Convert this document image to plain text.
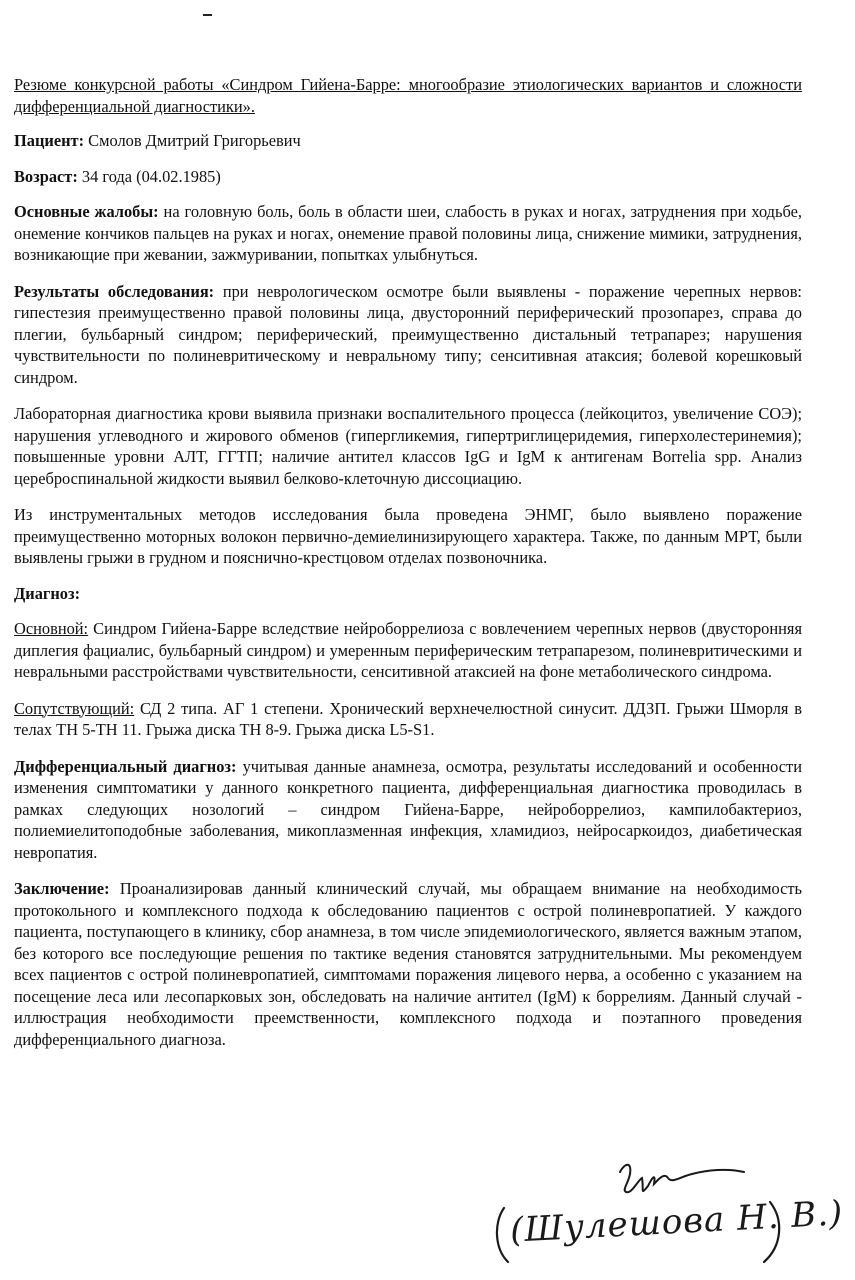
Резюме конкурсной работы «Синдром Гийена-Барре: многообразие этиологических вариантов и сложности дифференциальной диагностики».

Пациент: Смолов Дмитрий Григорьевич

Возраст: 34 года (04.02.1985)

Основные жалобы: на головную боль, боль в области шеи, слабость в руках и ногах, затруднения при ходьбе, онемение кончиков пальцев на руках и ногах, онемение правой половины лица, снижение мимики, затруднения, возникающие при жевании, зажмуривании, попытках улыбнуться.

Результаты обследования: при неврологическом осмотре были выявлены - поражение черепных нервов: гипестезия преимущественно правой половины лица, двусторонний периферический прозопарез, справа до плегии, бульбарный синдром; периферический, преимущественно дистальный тетрапарез; нарушения чувствительности по полиневритическому и невральному типу; сенситивная атаксия; болевой корешковый синдром.

Лабораторная диагностика крови выявила признаки воспалительного процесса (лейкоцитоз, увеличение СОЭ); нарушения углеводного и жирового обменов (гипергликемия, гипертриглицеридемия, гиперхолестеринемия); повышенные уровни АЛТ, ГГТП; наличие антител классов IgG и IgM к антигенам Borrelia spp. Анализ цереброспинальной жидкости выявил белково-клеточную диссоциацию.

Из инструментальных методов исследования была проведена ЭНМГ, было выявлено поражение преимущественно моторных волокон первично-демиелинизирующего характера. Также, по данным МРТ, были выявлены грыжи в грудном и пояснично-крестцовом отделах позвоночника.

Диагноз:

Основной: Синдром Гийена-Барре вследствие нейроборрелиоза с вовлечением черепных нервов (двусторонняя диплегия фациалис, бульбарный синдром) и умеренным периферическим тетрапарезом, полиневритическими и невральными расстройствами чувствительности, сенситивной атаксией на фоне метаболического синдрома.

Сопутствующий: СД 2 типа. АГ 1 степени. Хронический верхнечелюстной синусит. ДДЗП. Грыжи Шморля в телах ТН 5-ТН 11. Грыжа диска ТН 8-9. Грыжа диска L5-S1.

Дифференциальный диагноз: учитывая данные анамнеза, осмотра, результаты исследований и особенности изменения симптоматики у данного конкретного пациента, дифференциальная диагностика проводилась в рамках следующих нозологий – синдром Гийена-Барре, нейроборрелиоз, кампилобактериоз, полиемиелитоподобные заболевания, микоплазменная инфекция, хламидиоз, нейросаркоидоз, диабетическая невропатия.

Заключение: Проанализировав данный клинический случай, мы обращаем внимание на необходимость протокольного и комплексного подхода к обследованию пациентов с острой полиневропатией. У каждого пациента, поступающего в клинику, сбор анамнеза, в том числе эпидемиологического, является важным этапом, без которого все последующие решения по тактике ведения становятся затруднительными. Мы рекомендуем всех пациентов с острой полиневропатией, симптомами поражения лицевого нерва, а особенно с указанием на посещение леса или лесопарковых зон, обследовать на наличие антител (IgM) к боррелиям. Данный случай - иллюстрация необходимости преемственности, комплексного подхода и поэтапного проведения дифференциального диагноза.

(Шулешова Н. В.)
